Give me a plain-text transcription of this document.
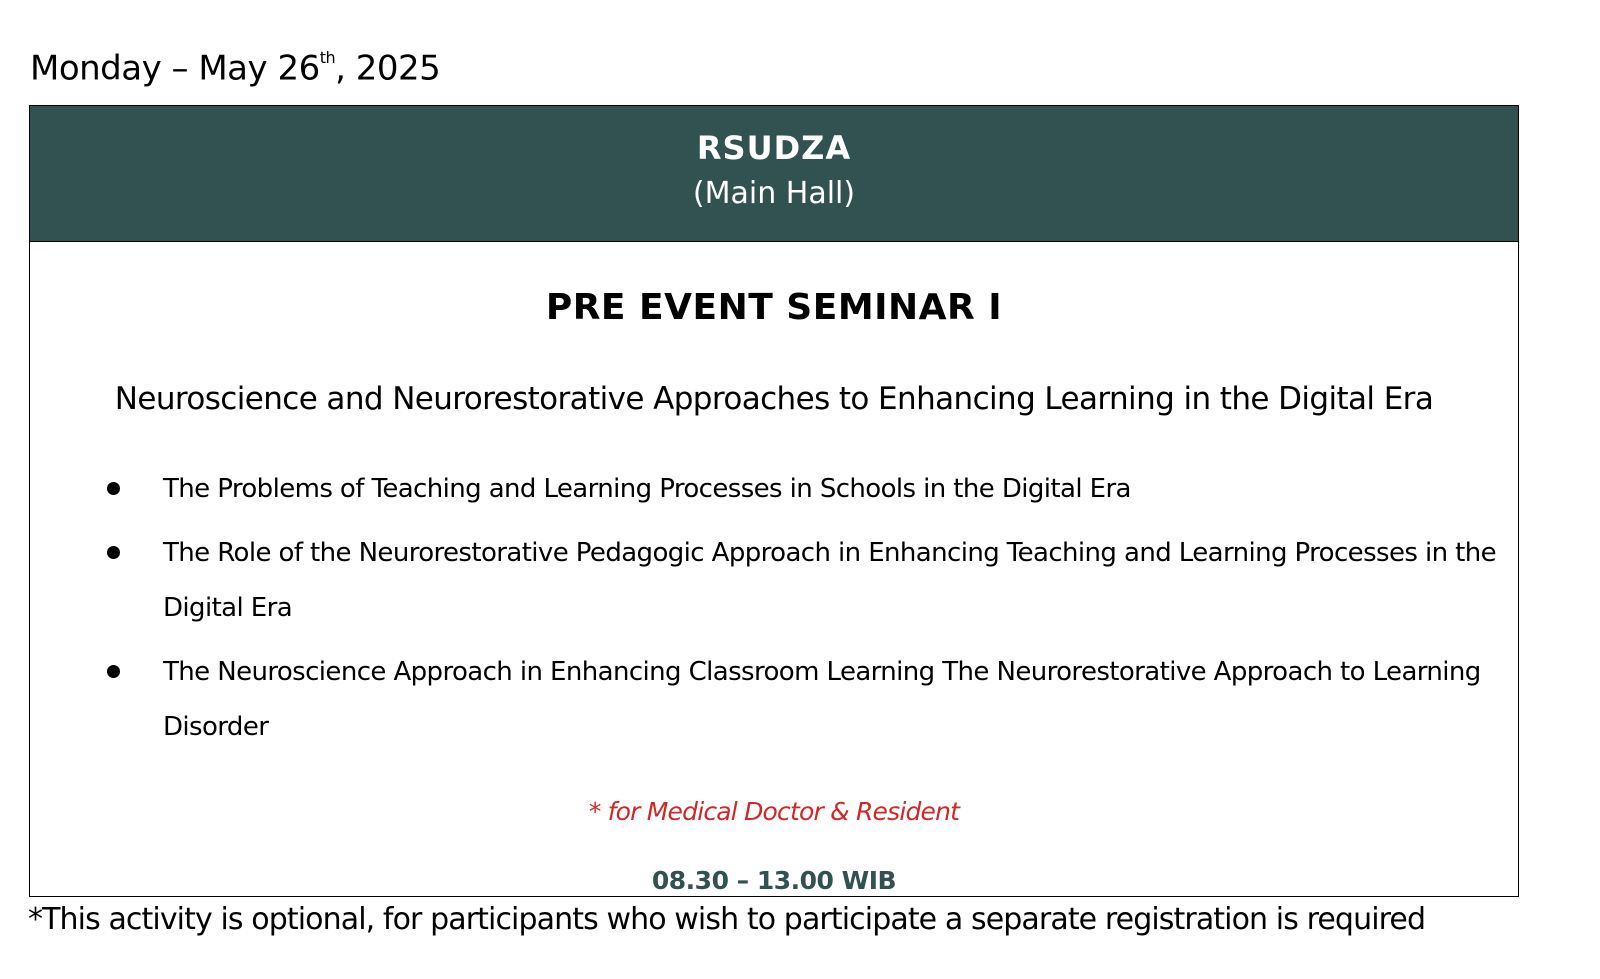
Monday – May 26th, 2025
RSUDZA
(Main Hall)
PRE EVENT SEMINAR I
Neuroscience and Neurorestorative Approaches to Enhancing Learning in the Digital Era
The Problems of Teaching and Learning Processes in Schools in the Digital Era
The Role of the Neurorestorative Pedagogic Approach in Enhancing Teaching and Learning Processes in the Digital Era
The Neuroscience Approach in Enhancing Classroom Learning The Neurorestorative Approach to Learning Disorder
* for Medical Doctor & Resident
08.30 – 13.00 WIB
*This activity is optional, for participants who wish to participate a separate registration is required
